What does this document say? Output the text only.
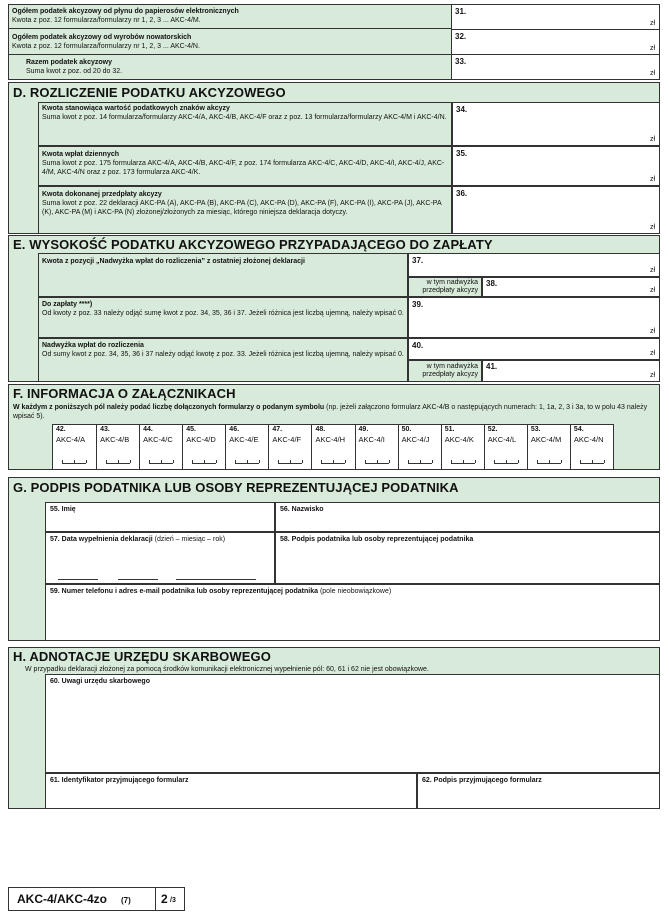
Ogółem podatek akcyzowy od płynu do papierosów elektronicznych
Kwota z poz. 12 formularza/formularzy nr 1, 2, 3 ... AKC-4/M.
31.
zł
Ogółem podatek akcyzowy od wyrobów nowatorskich
Kwota z poz. 12 formularza/formularzy nr 1, 2, 3 ... AKC-4/N.
32.
zł
Razem podatek akcyzowy
Suma kwot z poz. od 20 do 32.
33.
zł
D. ROZLICZENIE PODATKU AKCYZOWEGO
Kwota stanowiąca wartość podatkowych znaków akcyzy
Suma kwot z poz. 14 formularza/formularzy AKC-4/A, AKC-4/B, AKC-4/F oraz z poz. 13 formularza/formularzy AKC-4/M i AKC-4/N.
34.
zł
Kwota wpłat dziennych
Suma kwot z poz. 175 formularza AKC-4/A, AKC-4/B, AKC-4/F, z poz. 174 formularza AKC-4/C, AKC-4/D, AKC-4/I, AKC-4/J, AKC-4/M, AKC-4/N oraz z poz. 173 formularza AKC-4/K.
35.
zł
Kwota dokonanej przedpłaty akcyzy
Suma kwot z poz. 22 deklaracji AKC-PA (A), AKC-PA (B), AKC-PA (C), AKC-PA (D), AKC-PA (F), AKC-PA (I), AKC-PA (J), AKC-PA (K), AKC-PA (M) i AKC-PA (N) złożonej/złożonych za miesiąc, którego niniejsza deklaracja dotyczy.
36.
zł
E. WYSOKOŚĆ PODATKU AKCYZOWEGO PRZYPADAJĄCEGO DO ZAPŁATY
Kwota z pozycji „Nadwyżka wpłat do rozliczenia” z ostatniej złożonej deklaracji	37.
zł
w tym nadwyżka przedpłaty akcyzy
38.
zł
Do zapłaty ****)
Od kwoty z poz. 33 należy odjąć sumę kwot z poz. 34, 35, 36 i 37. Jeżeli różnica jest liczbą ujemną, należy wpisać 0.
39.
zł
Nadwyżka wpłat do rozliczenia
Od sumy kwot z poz. 34, 35, 36 i 37 należy odjąć kwotę z poz. 33. Jeżeli różnica jest liczbą ujemną, należy wpisać 0.
40.
zł
w tym nadwyżka przedpłaty akcyzy
41.
zł
F. INFORMACJA O ZAŁĄCZNIKACH
W każdym z poniższych pól należy podać liczbę dołączonych formularzy o podanym symbolu (np. jeżeli załączono formularz AKC-4/B o następujących numerach: 1, 1a, 2, 3 i 3a, to w polu 43 należy wpisać 5).
42.
AKC-4/A
43.
AKC-4/B
44.
AKC-4/C
45.
AKC-4/D
46.
AKC-4/E
47.
AKC-4/F
48.
AKC-4/H
49.
AKC-4/I
50.
AKC-4/J
51.
AKC-4/K
52.
AKC-4/L
53.
AKC-4/M
54.
AKC-4/N
G. PODPIS PODATNIKA LUB OSOBY REPREZENTUJĄCEJ PODATNIKA
55. Imię	56. Nazwisko
57. Data wypełnienia deklaracji (dzień – miesiąc – rok)	58. Podpis podatnika lub osoby reprezentującej podatnika
59. Numer telefonu i adres e-mail podatnika lub osoby reprezentującej podatnika (pole nieobowiązkowe)
H. ADNOTACJE URZĘDU SKARBOWEGO
W przypadku deklaracji złożonej za pomocą środków komunikacji elektronicznej wypełnienie pól: 60, 61 i 62 nie jest obowiązkowe.
60. Uwagi urzędu skarbowego
61. Identyfikator przyjmującego formularz	62. Podpis przyjmującego formularz
AKC-4/AKC-4zo (7)	2 /3
